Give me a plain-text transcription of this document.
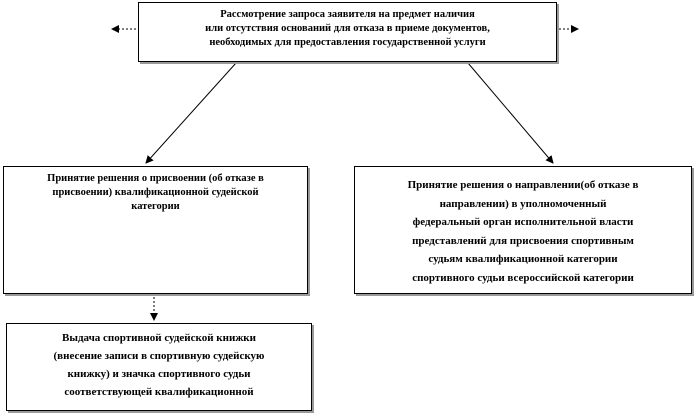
Рассмотрение запроса заявителя на предмет наличия
или отсутствия оснований для отказа в приеме документов,
необходимых для предоставления государственной услуги
Принятие решения о присвоении (об отказе в
присвоении) квалификационной судейской
категории
Принятие решения о направлении(об отказе в
направлении) в уполномоченный
федеральный орган исполнительной власти
представлений для присвоения спортивным
судьям квалификационной категории
спортивного судьи всероссийской категории
Выдача спортивной судейской книжки
(внесение записи в спортивную судейскую
книжку) и значка спортивного судьи
соответствующей квалификационной
